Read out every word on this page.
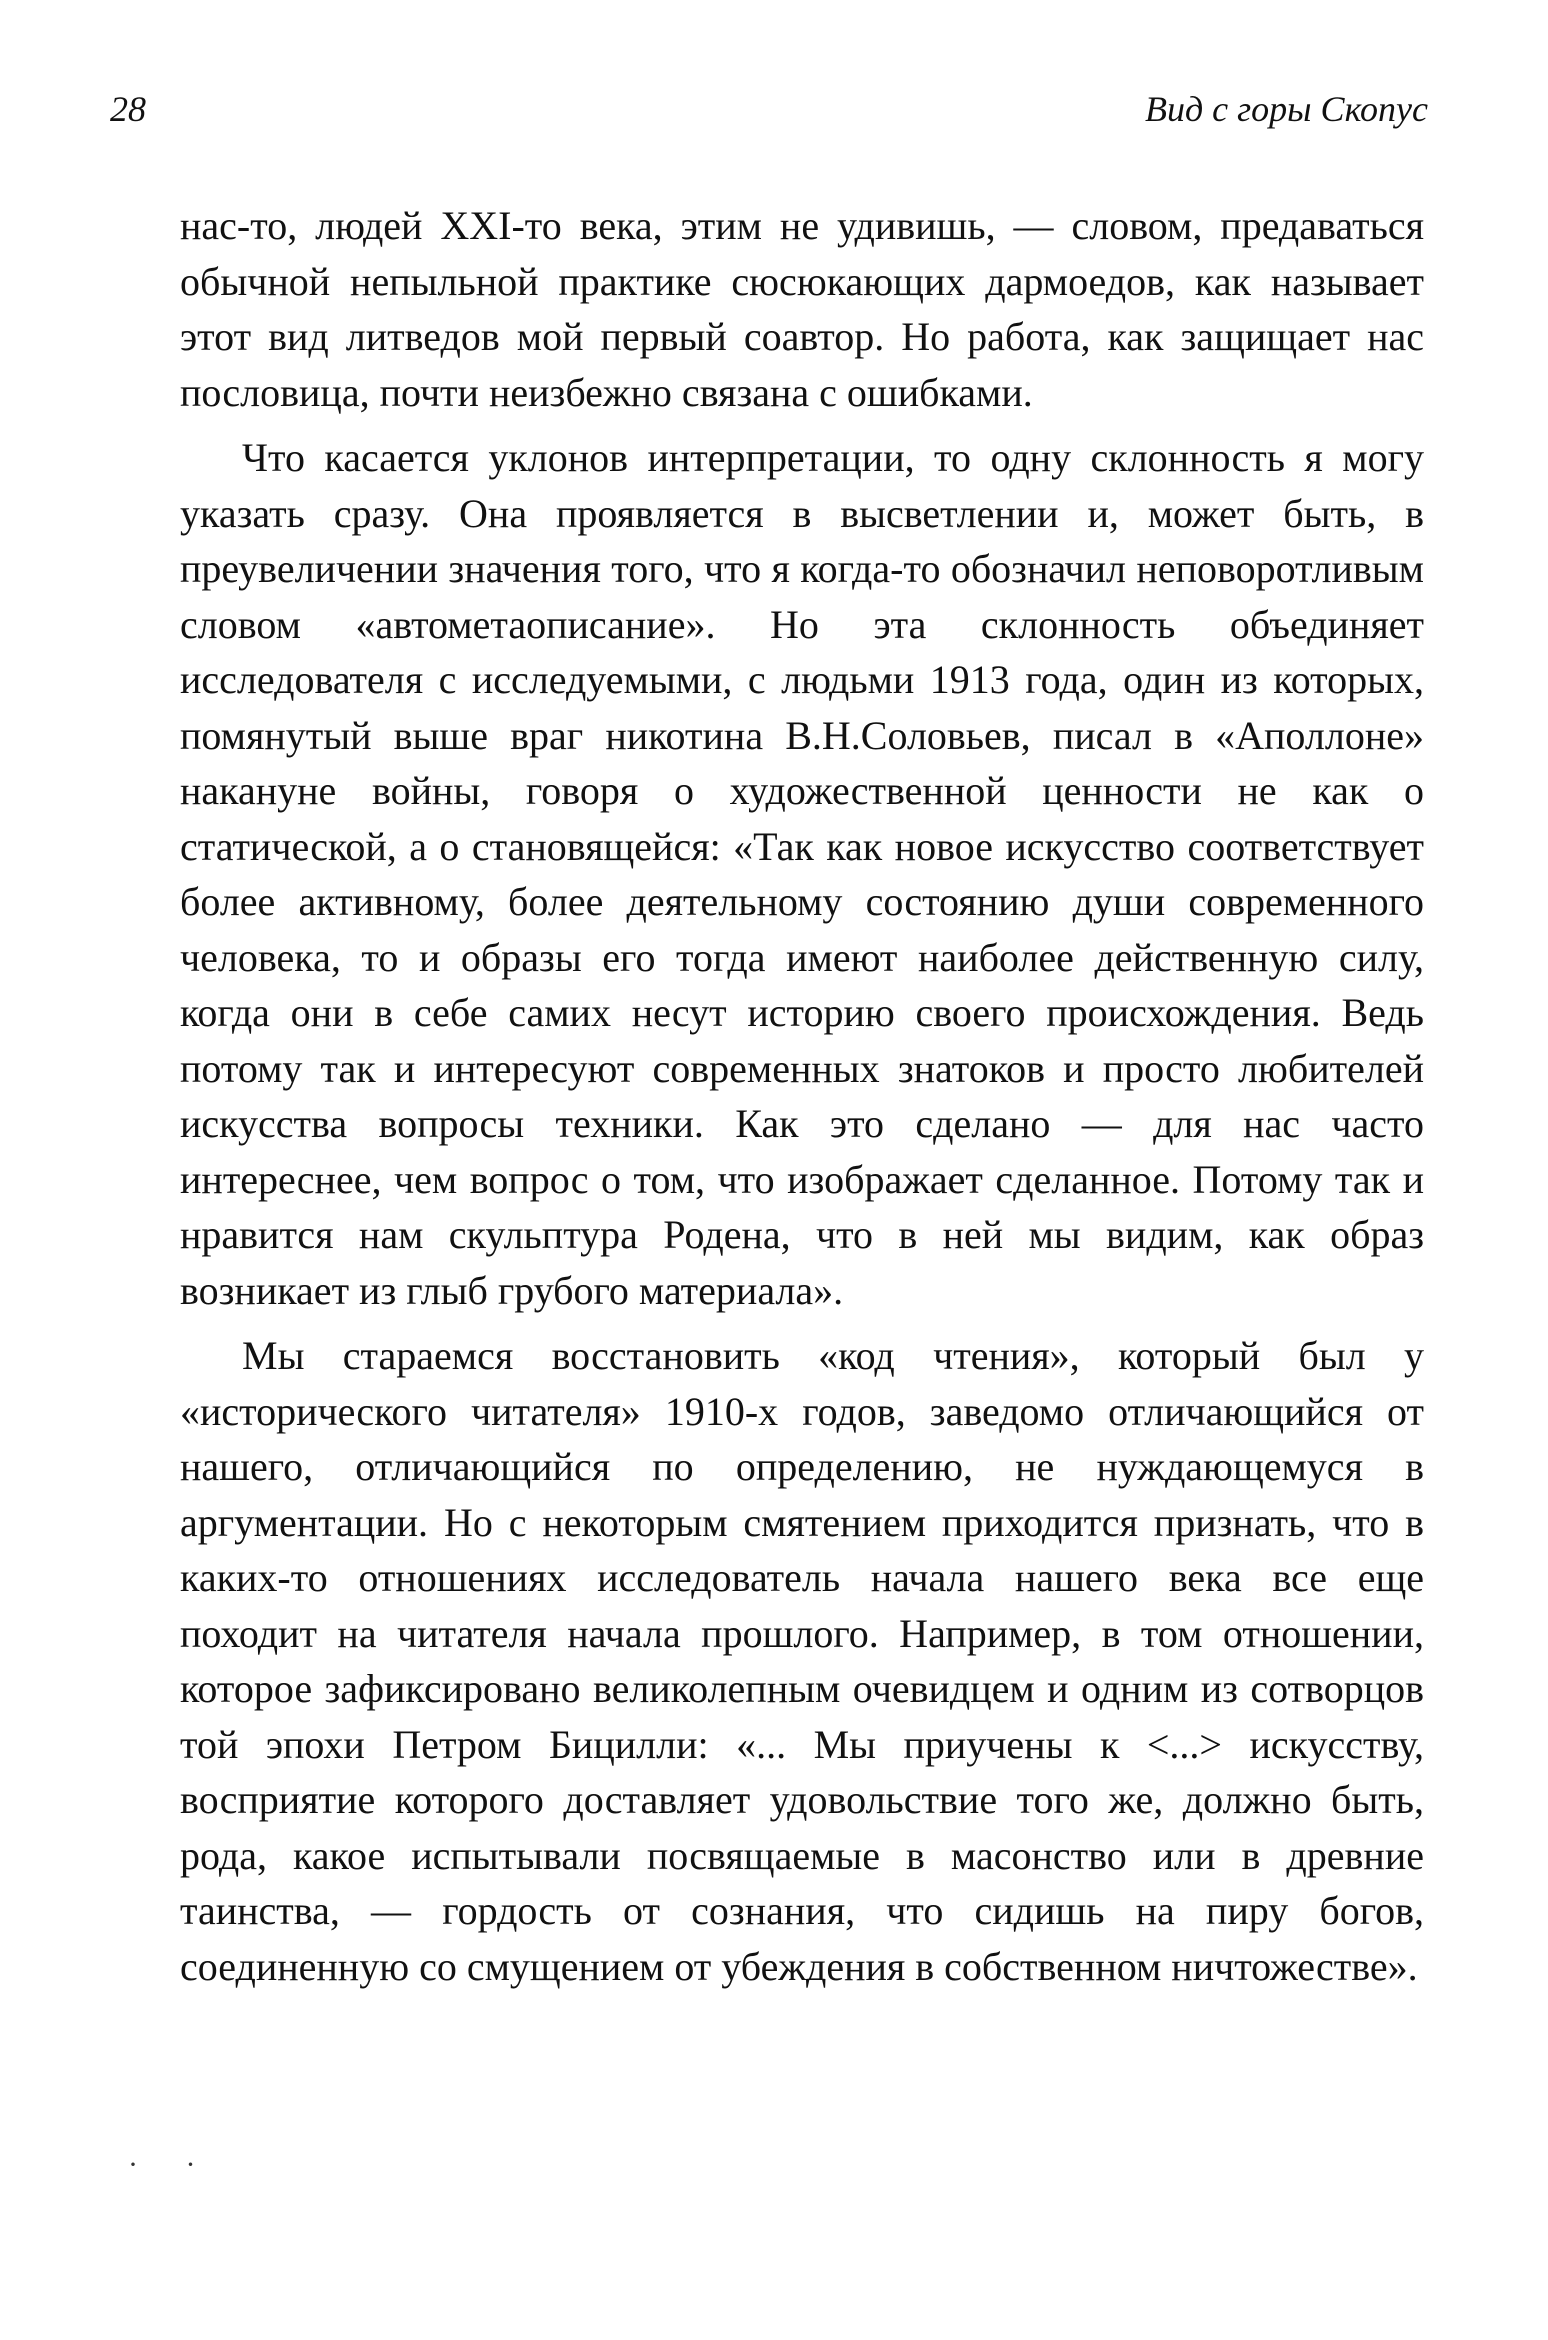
28	Вид с горы Скопус

нас-то, людей XXI-то века, этим не удивишь, — словом, предаваться обычной непыльной практике сюсюкающих дармоедов, как называет этот вид литведов мой первый соавтор. Но работа, как защищает нас пословица, почти неизбежно связана с ошибками.

Что касается уклонов интерпретации, то одну склонность я могу указать сразу. Она проявляется в высветлении и, может быть, в преувеличении значения того, что я когда-то обозначил неповоротливым словом «автометаописание». Но эта склонность объединяет исследователя с исследуемыми, с людьми 1913 года, один из которых, помянутый выше враг никотина В.Н.Соловьев, писал в «Аполлоне» накануне войны, говоря о художественной ценности не как о статической, а о становящейся: «Так как новое искусство соответствует более активному, более деятельному состоянию души современного человека, то и образы его тогда имеют наиболее действенную силу, когда они в себе самих несут историю своего происхождения. Ведь потому так и интересуют современных знатоков и просто любителей искусства вопросы техники. Как это сделано — для нас часто интереснее, чем вопрос о том, что изображает сделанное. Потому так и нравится нам скульптура Родена, что в ней мы видим, как образ возникает из глыб грубого материала».

Мы стараемся восстановить «код чтения», который был у «исторического читателя» 1910-х годов, заведомо отличающийся от нашего, отличающийся по определению, не нуждающемуся в аргументации. Но с некоторым смятением приходится признать, что в каких-то отношениях исследователь начала нашего века все еще походит на читателя начала прошлого. Например, в том отношении, которое зафиксировано великолепным очевидцем и одним из сотворцов той эпохи Петром Бицилли: «... Мы приучены к <...> искусству, восприятие которого доставляет удовольствие того же, должно быть, рода, какое испытывали посвящаемые в масонство или в древние таинства, — гордость от сознания, что сидишь на пиру богов, соединенную со смущением от убеждения в собственном ничтожестве».

· ·
